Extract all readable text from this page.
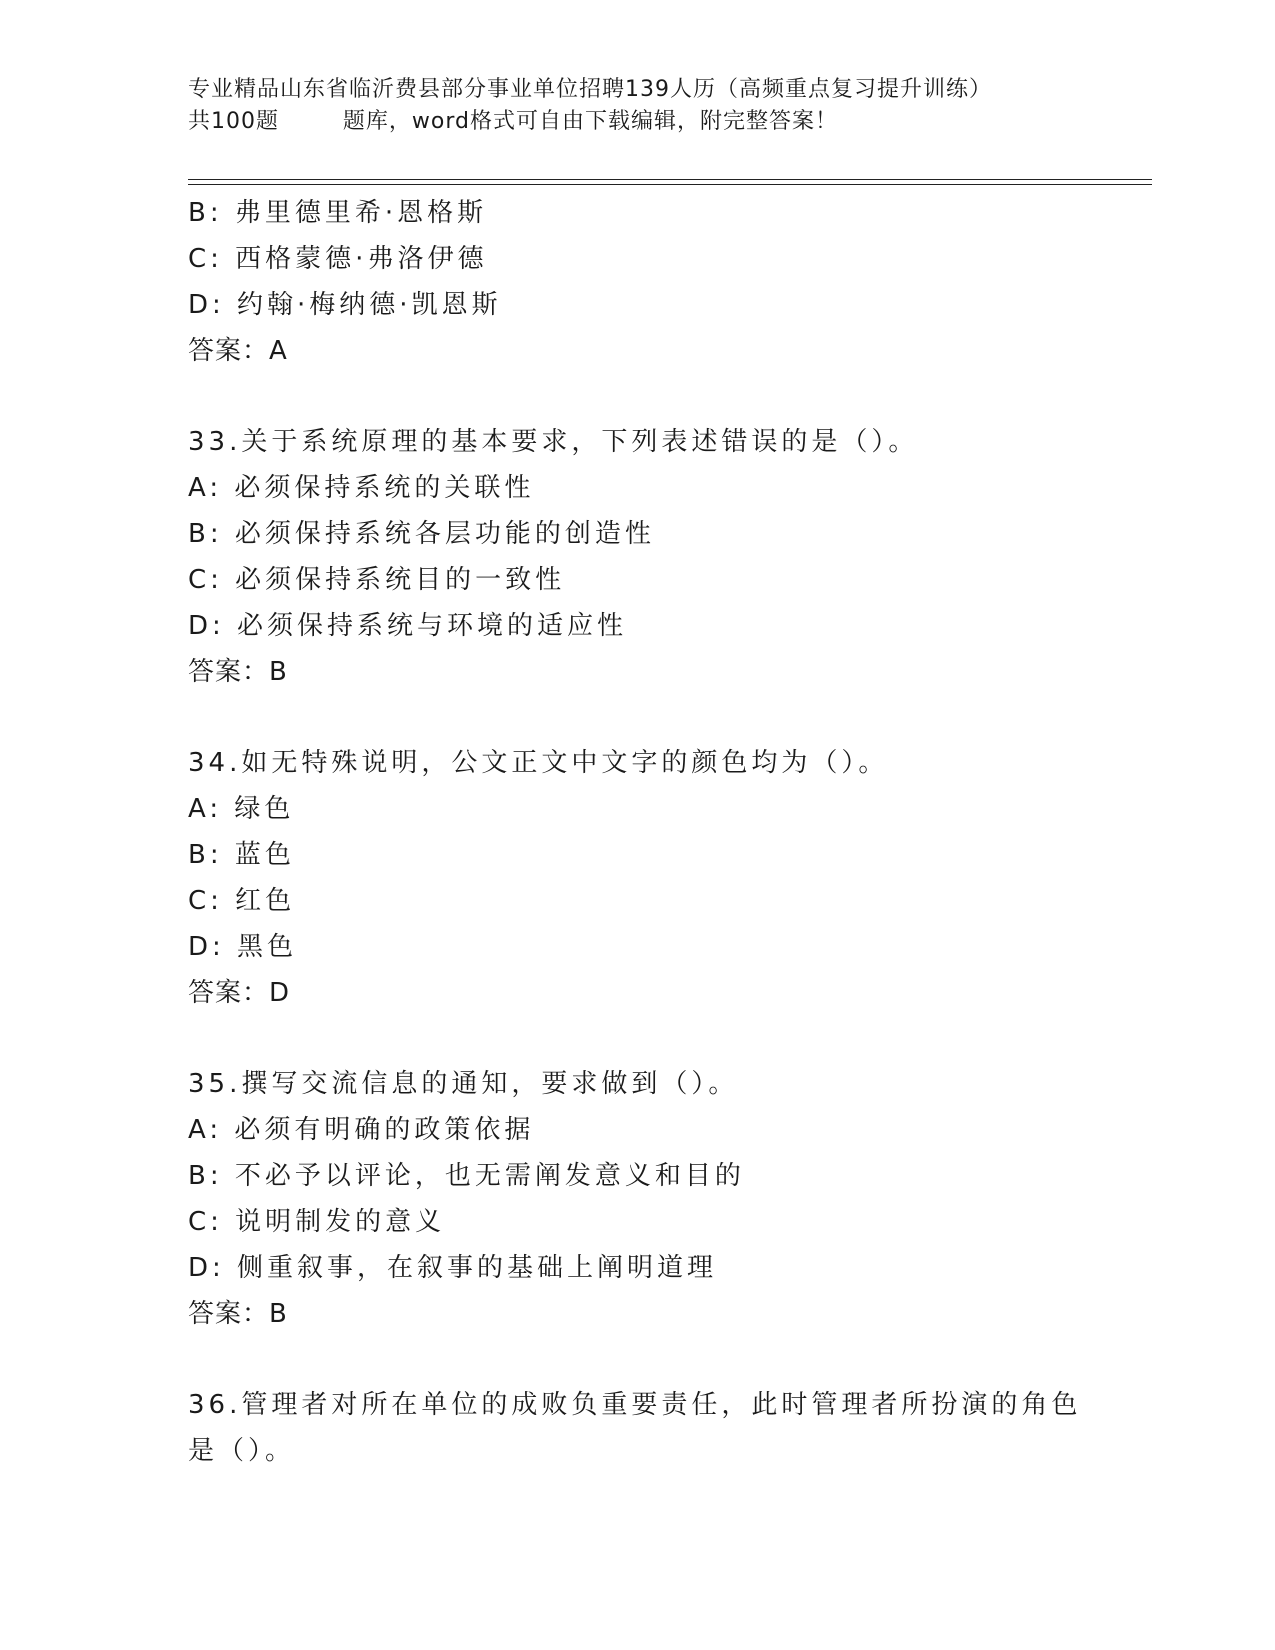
专业精品山东省临沂费县部分事业单位招聘139人历（高频重点复习提升训练）
共100题        题库，word格式可自由下载编辑，附完整答案！
B: 弗里德里希·恩格斯
C: 西格蒙德·弗洛伊德
D: 约翰·梅纳德·凯恩斯
答案：A
33.关于系统原理的基本要求，下列表述错误的是（）。
A: 必须保持系统的关联性
B: 必须保持系统各层功能的创造性
C: 必须保持系统目的一致性
D: 必须保持系统与环境的适应性
答案：B
34.如无特殊说明，公文正文中文字的颜色均为（）。
A: 绿色
B: 蓝色
C: 红色
D: 黑色
答案：D
35.撰写交流信息的通知，要求做到（）。
A: 必须有明确的政策依据
B: 不必予以评论，也无需阐发意义和目的
C: 说明制发的意义
D: 侧重叙事，在叙事的基础上阐明道理
答案：B
36.管理者对所在单位的成败负重要责任，此时管理者所扮演的角色是（）。
